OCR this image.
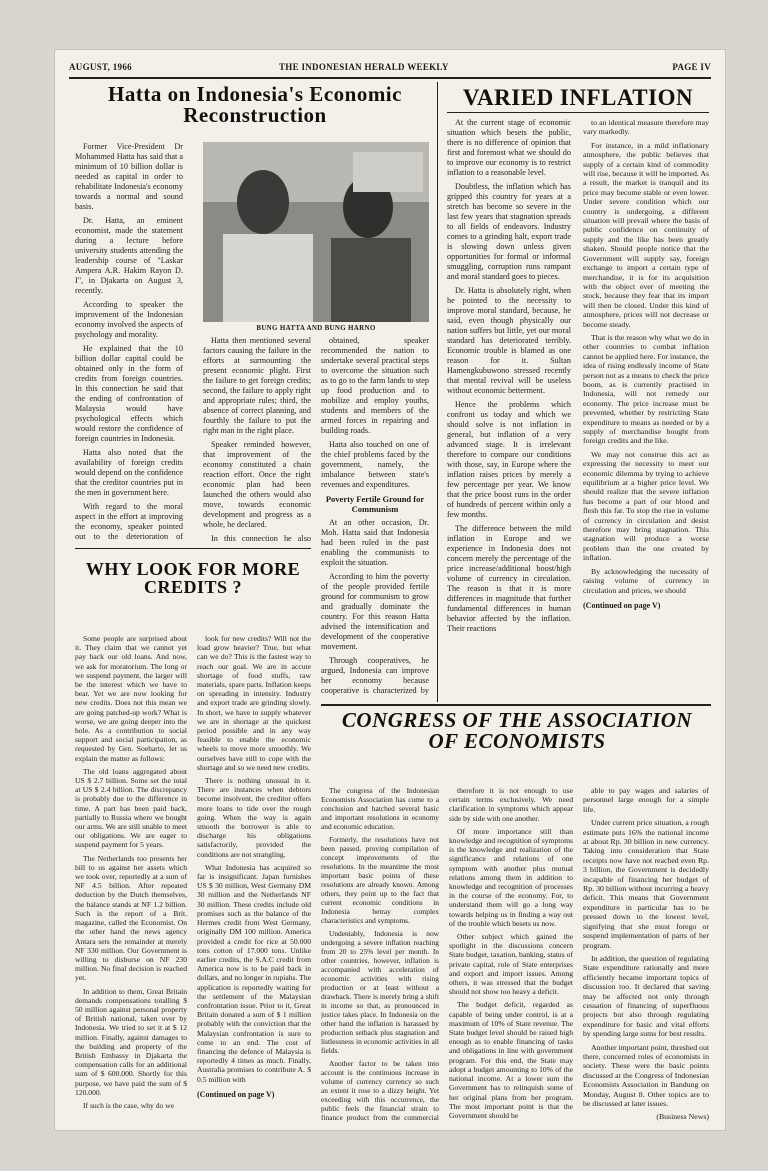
AUGUST, 1966	THE INDONESIAN HERALD WEEKLY	PAGE IV
Hatta on Indonesia's Economic Reconstruction

Former Vice-President Dr Mohammed Hatta has said that a minimum of 10 billion dollar is needed as capital in order to rehabilitate Indonesia's economy towards a normal and sound basis.

Dr. Hatta, an eminent economist, made the statement during a lecture before university students attending the leadership course of "Laskar Ampera A.R. Hakim Rayon D. I", in Djakarta on August 3, recently.

According to speaker the improvement of the Indonesian economy involved the aspects of psychology and morality.

He explained that the 10 billion dollar capital could be obtained only in the form of credits from foreign countries. In this connection he said that the ending of confrontation of Malaysia would have psychological effects which would restore the confidence of foreign countries in Indonesia.

Hatta also noted that the availability of foreign credits would depend on the confidence that the creditor countries put in the men in government here.

With regard to the moral aspect in the effort at improving the economy, speaker pointed out to the deterioration of

BUNG HATTA AND BUNG HARNO

Hatta then mentioned several factors causing the failure in the efforts at surmounting the present economic plight. First the failure to get foreign credits; second, the failure to apply right and appropriate rules; third, the absence of correct planning, and fourthly the failure to put the right man in the right place.

Speaker reminded however, that improvement of the economy constituted a chain reaction effort. Once the right economic plan had been launched the others would also move, towards economic development and progress as a whole, he declared.

In this connection he also

obtained, speaker recommended the nation to undertake several practical steps to overcome the situation such as to go to the farm lands to step up food production and to mobilize and employ youths, students and members of the armed forces in repairing and building roads.

Hatta also touched on one of the chief problems faced by the government, namely, the imbalance between state's revenues and expenditures.

Poverty Fertile Ground for Communism

At an other occasion, Dr. Moh. Hatta said that Indonesia had been ruled in the past enabling the communists to exploit the situation.

According to him the poverty of the people provided fertile ground for communism to grow and gradually dominate the country. For this reason Hatta advised the intensification and development of the cooperative movement.

Through cooperatives, he argued, Indonesia can improve her economy because cooperative is characterized by

VARIED INFLATION

At the current stage of economic situation which besets the public, there is no difference of opinion that first and foremost what we should do to improve our economy is to restrict inflation to a reasonable level.

Doubtless, the inflation which has gripped this country for years at a stretch has become so severe in the last few years that stagnation spreads to all fields of endeavors. Industry comes to a grinding halt, export trade is slowing down unless given opportunities for formal or informal smuggling, corruption runs rampant and moral standard goes to pieces.

Dr. Hatta is absolutely right, when he pointed to the necessity to improve moral standard, because, he said, even though physically our nation suffers but little, yet our moral standard has deteriorated terribly. Economic trouble is blamed as one reason for it. Sultan Hamengkubuwono stressed recently that mental revival will be useless without economic betterment.

Hence the problems which confront us today and which we should solve is not inflation in general, but inflation of a very advanced stage. It is irrelevant therefore to compare our conditions with those, say, in Europe where the inflation raises prices by merely a few percentage per year. We know that the price boost runs in the order of hundreds of percent within only a few months.

The difference between the mild inflation in Europe and we experience in Indonesia does not concern merely the percentage of the price increase/additional boost/high volume of currency in circulation. The reason is that it is more differences in magnitude that further fundamental differences in human behavior affected by the inflation. Their reactions

to an identical measure therefore may vary markedly.

For instance, in a mild inflationary atmosphere, the public believes that supply of a certain kind of commodity will rise, because it will be imported. As a result, the market is tranquil and its price may become stable or even lower. Under severe condition which our country is undergoing, a different situation will prevail where the basis of public confidence on continuity of supply and the like has been greatly shaken. Should people notice that the Government will supply say, foreign exchange to import a certain type of merchandise, it is for its acquisition with the object ever of meeting the stock, because they fear that its import will then be closed. Under this kind of atmosphere, prices will not decrease or become steady.

That is the reason why what we do in other countries to combat inflation cannot be applied here. For instance, the idea of rising endlessly income of State person not as a means to check the price boom, as is currently practised in Indonesia, will not remedy our economy. The price increase must be prevented, whether by restricting State expenditure to means as needed or by a supply of merchandise bought from foreign credits and the like.

We may not construe this act as expressing the necessity to meet our economic dilemma by trying to achieve equilibrium at a higher price level. We should realize that the severe inflation has become a part of our blood and flesh this far. To stop the rise in volume of currency in circulation and desist therefore may bring stagnation. This stagnation will produce a worse problem than the one created by inflation.

By acknowledging the necessity of raising volume of currency in circulation and prices, we should

(Continued on page V)

WHY LOOK FOR MORE CREDITS ?

Some people are surprised about it. They claim that we cannot yet pay back our old loans. And now, we ask for moratorium. The long or we suspend payment, the larger will be the interest which we have to bear. Yet we are now looking for new credits. Does not this mean we are going patched-up work? What is worse, we are going deeper into the hole. As a contribution to social support and social participation, as requested by Gen. Soeharto, let us explain the matter as follows:

The old loans aggregated about US $ 2.7 billion. Some set the total at US $ 2.4 billion. The discrepancy is probably due to the difference in time. A part has been paid back, partially to Russia where we bought our arms. We are still unable to meet our obligations. We are eager to suspend payment for 5 years.

The Netherlands too presents her bill to us against her assets which we took over, reportedly at a sum of NF 4.5 billion. After repeated deduction by the Dutch themselves, the balance stands at NF 1.2 billion. Such is the report of a Brit. magazine, called the Economist. On the other hand the news agency Antara sets the remainder at merely NF 330 million. Our Government is willing to disburse on NF 230 million. No final decision is reached yet.

In addition to them, Great Britain demands compensations totalling $ 50 million against personal property of British national, taken over by Indonesia. We tried to set it at $ 12 million. Finally, against damages to the building and property of the British Embassy in Djakarta the compensation calls for an additional sum of $ 600.000. Shortly for this purpose, we have paid the sum of $ 120.000.

If such is the case, why do we

look for new credits? Will not the load grow heavier? True, but what can we do? This is the fastest way to reach our goal. We are in accute shortage of food stuffs, raw materials, spare parts. Inflation keeps on spreading in intensity. Industry and export trade are grinding slowly. In short, we have to supply whatever we are in shortage at the quickest period possible and in any way feasible to enable the economic wheels to move more smoothly. We ourselves have still to cope with the shortage and so we need new credits.

There is nothing unusual in it. There are instances when debtors become insolvent, the creditor offers more loans to tide over the rough going. When the way is again smooth the borrower is able to discharge his obligations satisfactorily, provided the conditions are not strangling.

What Indonesia has acquired so far is insignificant. Japan furnishes US $ 30 million, West Germany DM 30 million and the Netherlands NF 30 million. These credits include old promises such as the balance of the Hermes credit from West Germany, originally DM 100 million. America provided a credit for rice at 50.000 tons cotton of 17.000 tons. Unlike earlier credits, the S.A.C credit from America now is to be paid back in dollars, and no longer in rupiahs. The application is reportedly waiting for the settlement of the Malaysian confrontation issue. Prior to it, Great Britain donated a sum of $ 1 million probably with the conviction that the Malaysian confrontation is sure to come to an end. The cost of financing the defence of Malaysia is reportedly 4 times as much. Finally, Australia promises to contribute A. $ 0.5 million with

(Continued on page V)

CONGRESS OF THE ASSOCIATION OF ECONOMISTS

The congress of the Indonesian Economists Association has come to a conclusion and hatched several basic and important resolutions in economy and economic education.

Formerly, the resolutions have not been passed, proving compilation of concept improvements of the resolutions. In the meantime the most important basic points of these resolutions are already known. Among others, they point up to the fact that current economic conditions in Indonesia betray complex characteristics and symptoms.

Undeniably, Indonesia is now undergoing a severe inflation reaching from 20 to 25% level per month. In other countries, however, inflation is accompanied with acceleration of economic activities with rising production or at least without a drawback. There is merely bring a shift in income so that, as pronounced in justice takes place. In Indonesia on the other hand the inflation is harassed by production setback plus stagnation and listlessness in economic activities in all fields.

Another factor to be taken into account is the continuous increase in volume of currency currency so such an extent it rose to a dizzy height. Yet exceeding with this occurrence, the public feels the financial strain to finance product from the commercial

therefore it is not enough to use certain terms exclusively. We need clarification in symptoms which appear side by side with one another.

Of more importance still than knowledge and recognition of symptoms is the knowledge and realization of the significance and relations of one symptom with another plus mutual relations among them in addition to knowledge and recognition of processes in the course of the economy. For, to understand them will go a long way towards helping us in finding a way out of the trouble which besets us now.

Other subject which gained the spotlight in the discussions concern State budget, taxation, banking, status of private capital, role of State enterprises and export and import issues. Among others, it was stressed that the budget should not show too heavy a deficit.

The budget deficit, regarded as capable of being under control, is at a maximum of 10% of State revenue. The State budget level should be raised high enough as to enable financing of tasks and obligations in line with government program. For this end, the State may adopt a budget amounting to 10% of the national income. At a lower sum the Government has to relinquish some of her original plans from her program. The most important point is that the Government should be

able to pay wages and salaries of personnel large enough for a simple life.

Under current price situation, a rough estimate puts 16% the national income at about Rp. 30 billion in new currency. Taking into consideration that State receipts now have not reached even Rp. 3 billion, the Government is decidedly incapable of financing her budget of Rp. 30 billion without incurring a heavy deficit. This means that Government expenditure in particular has to be pressed down to the lowest level, signifying that she must forego or suspend implementation of parts of her program.

In addition, the question of regulating State expenditure rationally and more efficiently became important topics of discussion too. It declared that saving may be affected not only through cessation of financing of superfluous projects but also through regulating expenditure for basic and vital efforts by spending large sums for best results.

Another important point, threshed out there, concerned roles of economists in society. These were the basic points discussed at the Congress of Indonesian Economists Association in Bandung on Monday, August 8. Other topics are to be discussed at later issues.

(Business News)
